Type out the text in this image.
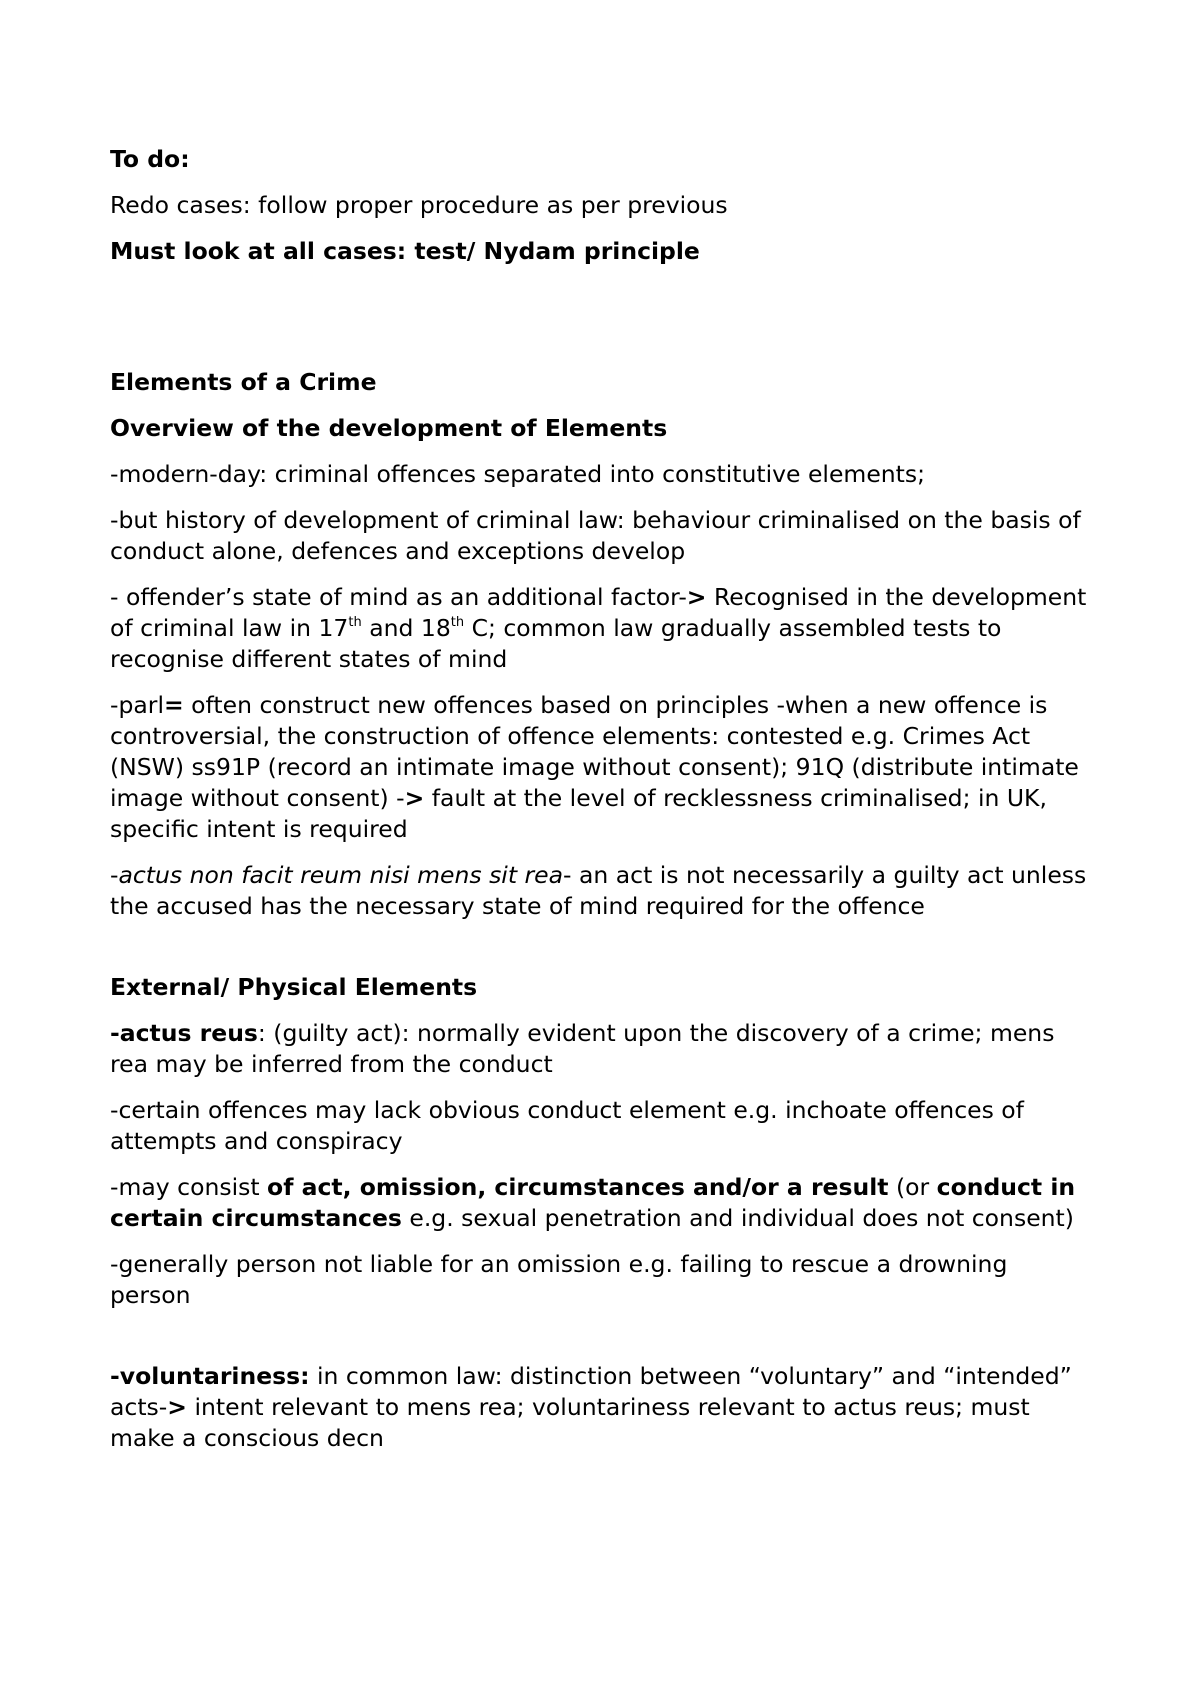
To do:

Redo cases: follow proper procedure as per previous

Must look at all cases: test/ Nydam principle

Elements of a Crime

Overview of the development of Elements

-modern-day: criminal offences separated into constitutive elements;

-but history of development of criminal law: behaviour criminalised on the basis of conduct alone, defences and exceptions develop

- offender’s state of mind as an additional factor-> Recognised in the development of criminal law in 17th and 18th C; common law gradually assembled tests to recognise different states of mind

-parl= often construct new offences based on principles -when a new offence is controversial, the construction of offence elements: contested e.g. Crimes Act (NSW) ss91P (record an intimate image without consent); 91Q (distribute intimate image without consent) -> fault at the level of recklessness criminalised; in UK, specific intent is required

-actus non facit reum nisi mens sit rea- an act is not necessarily a guilty act unless the accused has the necessary state of mind required for the offence

External/ Physical Elements

-actus reus: (guilty act): normally evident upon the discovery of a crime; mens rea may be inferred from the conduct

-certain offences may lack obvious conduct element e.g. inchoate offences of attempts and conspiracy

-may consist of act, omission, circumstances and/or a result (or conduct in certain circumstances e.g. sexual penetration and individual does not consent)

-generally person not liable for an omission e.g. failing to rescue a drowning person

-voluntariness: in common law: distinction between “voluntary” and “intended” acts-> intent relevant to mens rea; voluntariness relevant to actus reus; must make a conscious decn
